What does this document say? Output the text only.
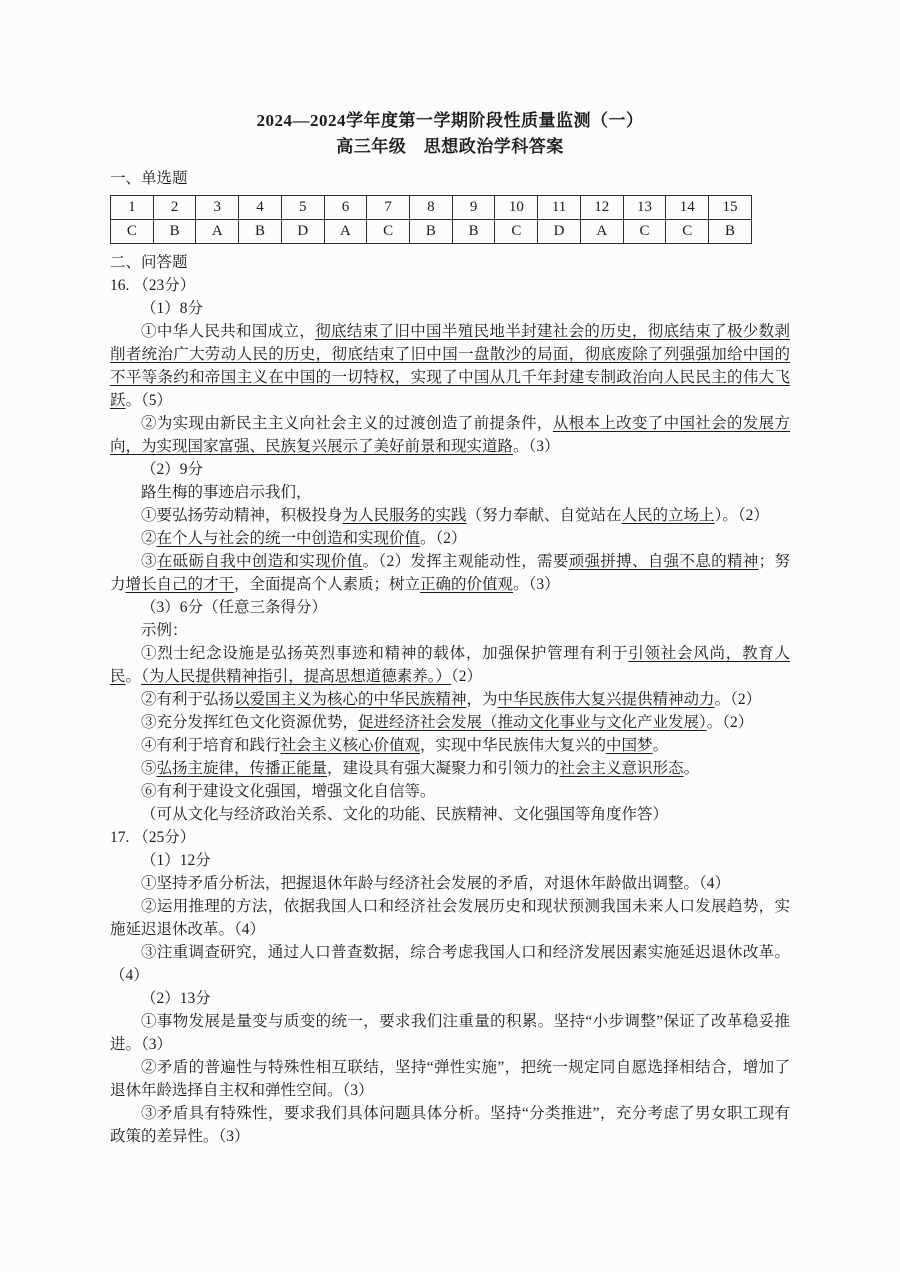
2024—2024学年度第一学期阶段性质量监测（一）
高三年级　思想政治学科答案
一、单选题
1	2	3	4	5	6	7	8	9	10	11	12	13	14	15
C	B	A	B	D	A	C	B	B	C	D	A	C	C	B
二、问答题
16. （23分）
（1）8分
①中华人民共和国成立，彻底结束了旧中国半殖民地半封建社会的历史，彻底结束了极少数剥削者统治广大劳动人民的历史，彻底结束了旧中国一盘散沙的局面，彻底废除了列强强加给中国的不平等条约和帝国主义在中国的一切特权，实现了中国从几千年封建专制政治向人民民主的伟大飞跃。（5）
②为实现由新民主主义向社会主义的过渡创造了前提条件，从根本上改变了中国社会的发展方向，为实现国家富强、民族复兴展示了美好前景和现实道路。（3）
（2）9分
路生梅的事迹启示我们，
①要弘扬劳动精神，积极投身为人民服务的实践（努力奉献、自觉站在人民的立场上）。（2）
②在个人与社会的统一中创造和实现价值。（2）
③在砥砺自我中创造和实现价值。（2）发挥主观能动性，需要顽强拼搏、自强不息的精神；努力增长自己的才干，全面提高个人素质；树立正确的价值观。（3）
（3）6分（任意三条得分）
示例：
①烈士纪念设施是弘扬英烈事迹和精神的载体，加强保护管理有利于引领社会风尚，教育人民。（为人民提供精神指引，提高思想道德素养。）（2）
②有利于弘扬以爱国主义为核心的中华民族精神，为中华民族伟大复兴提供精神动力。（2）
③充分发挥红色文化资源优势，促进经济社会发展（推动文化事业与文化产业发展）。（2）
④有利于培育和践行社会主义核心价值观，实现中华民族伟大复兴的中国梦。
⑤弘扬主旋律，传播正能量，建设具有强大凝聚力和引领力的社会主义意识形态。
⑥有利于建设文化强国，增强文化自信等。
（可从文化与经济政治关系、文化的功能、民族精神、文化强国等角度作答）
17. （25分）
（1）12分
①坚持矛盾分析法，把握退休年龄与经济社会发展的矛盾，对退休年龄做出调整。（4）
②运用推理的方法，依据我国人口和经济社会发展历史和现状预测我国未来人口发展趋势，实施延迟退休改革。（4）
③注重调查研究，通过人口普查数据，综合考虑我国人口和经济发展因素实施延迟退休改革。（4）
（2）13分
①事物发展是量变与质变的统一，要求我们注重量的积累。坚持“小步调整”保证了改革稳妥推进。（3）
②矛盾的普遍性与特殊性相互联结，坚持“弹性实施”，把统一规定同自愿选择相结合，增加了退休年龄选择自主权和弹性空间。（3）
③矛盾具有特殊性，要求我们具体问题具体分析。坚持“分类推进”，充分考虑了男女职工现有政策的差异性。（3）
